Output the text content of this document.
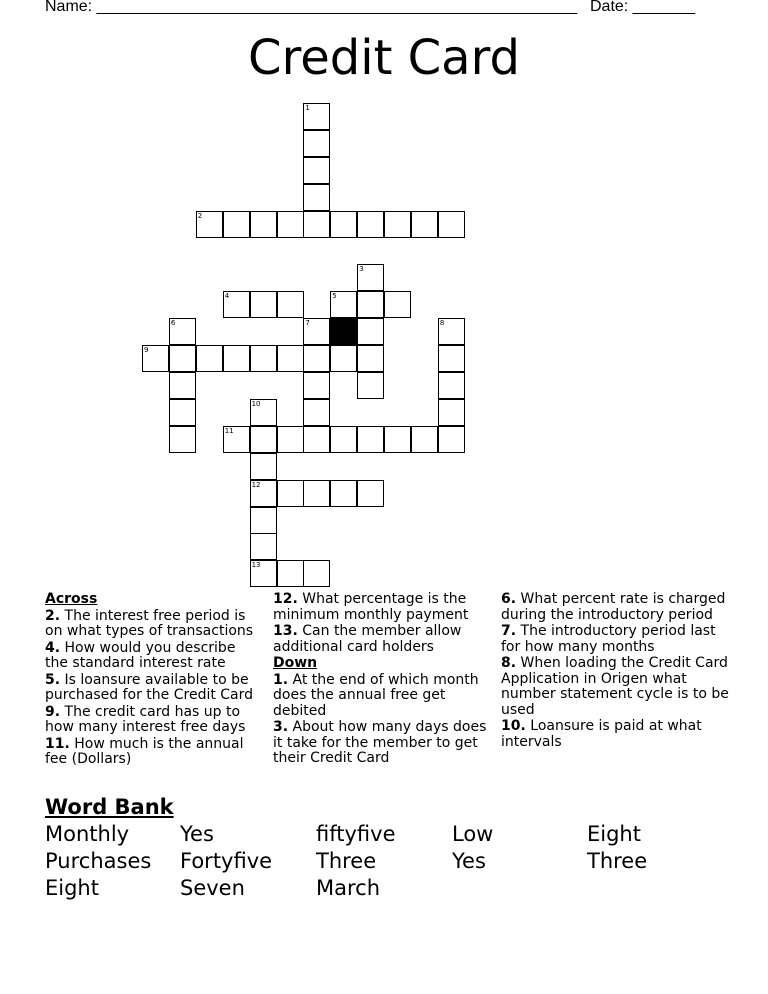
Name: ______________________________________________________ Date: _______
Credit Card
1
2
3
4	5
6	7	8
9
10
12
13
11
Across
2. The interest free period is on what types of transactions
4. How would you describe the standard interest rate
5. Is loansure available to be purchased for the Credit Card
9. The credit card has up to how many interest free days
11. How much is the annual fee (Dollars)
12. What percentage is the minimum monthly payment
13. Can the member allow additional card holders
Down
1. At the end of which month does the annual free get debited
3. About how many days does it take for the member to get their Credit Card
6. What percent rate is charged during the introductory period
7. The introductory period last for how many months
8. When loading the Credit Card Application in Origen what number statement cycle is to be used
10. Loansure is paid at what intervals
Word Bank
Monthly Yes	fiftyfive	Low	Eight
Purchases Fortyfive Three	Yes	Three
Eight	Seven	March
